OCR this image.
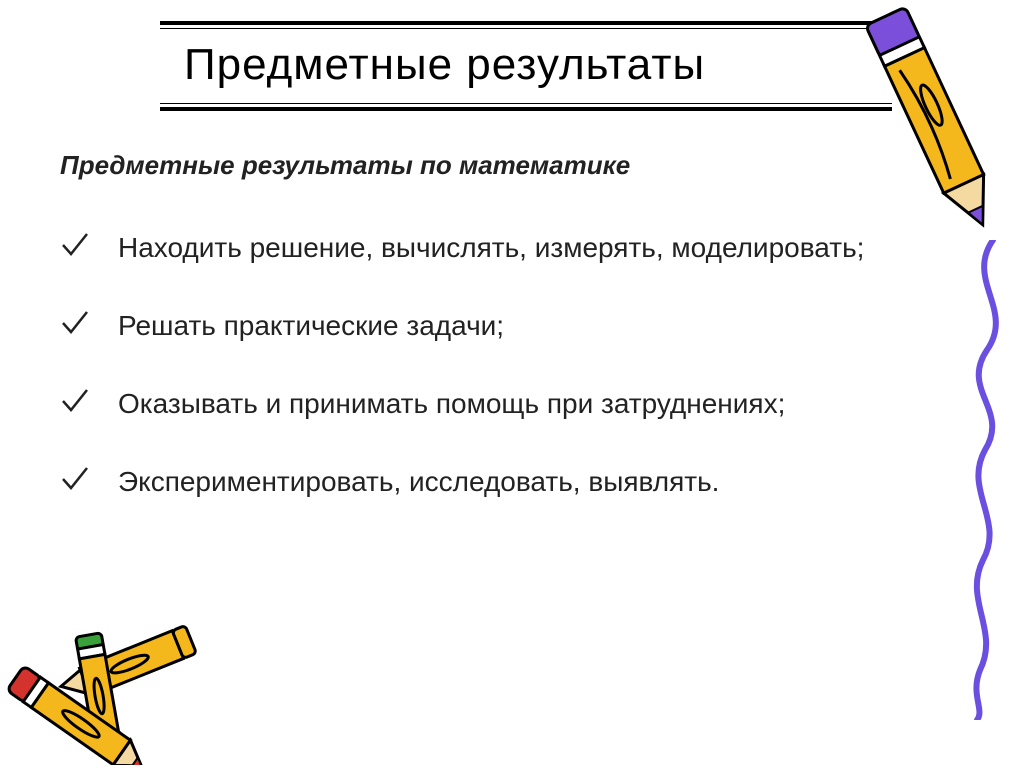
Предметные результаты
Предметные результаты по математике
Находить решение, вычислять, измерять, моделировать;
Решать практические задачи;
Оказывать и принимать помощь при затруднениях;
Экспериментировать, исследовать, выявлять.
